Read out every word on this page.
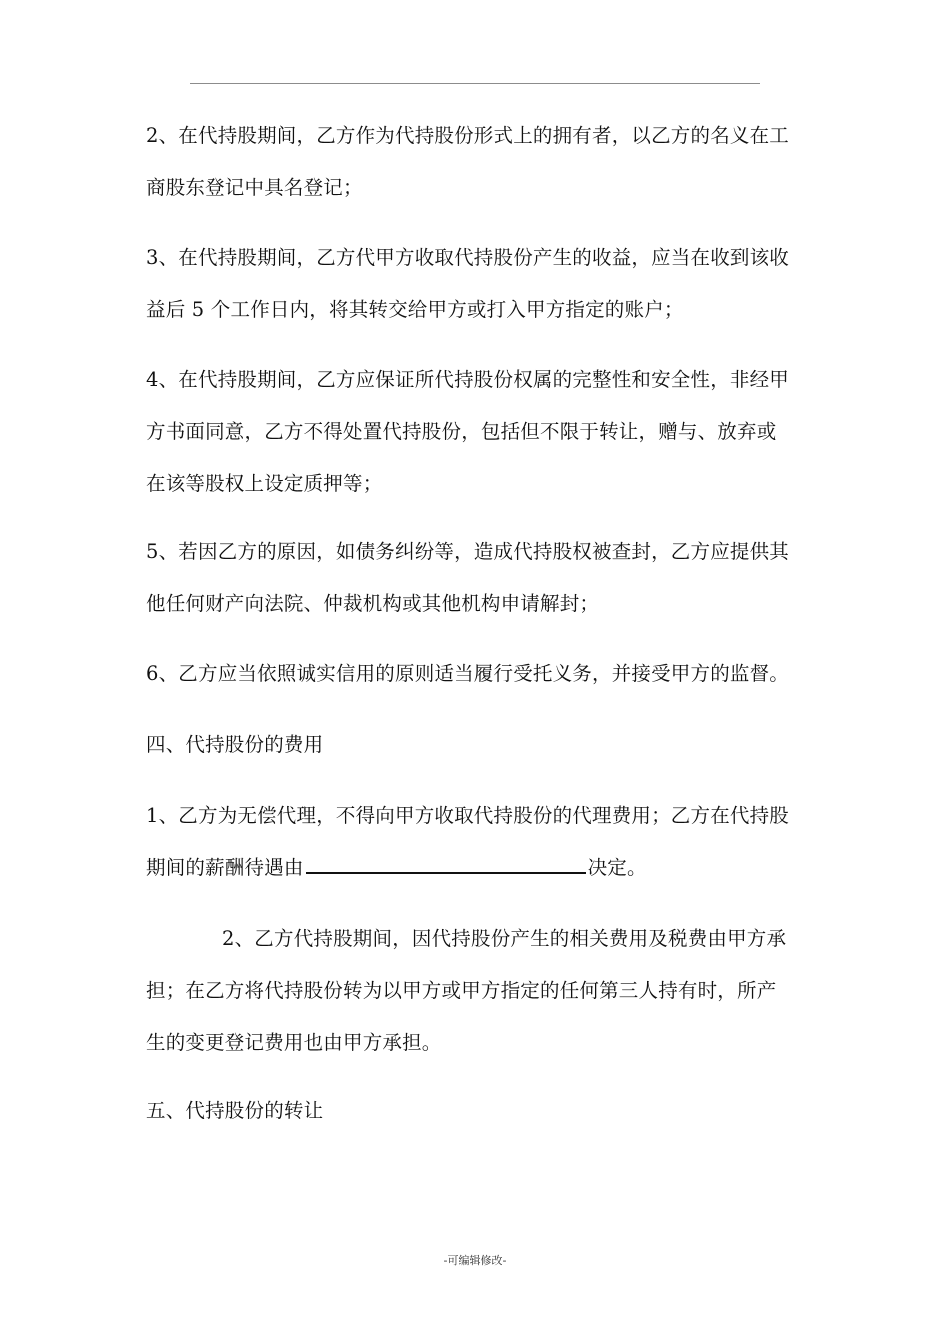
2、在代持股期间，乙方作为代持股份形式上的拥有者，以乙方的名义在工
商股东登记中具名登记；
3、在代持股期间，乙方代甲方收取代持股份产生的收益，应当在收到该收
益后 5 个工作日内，将其转交给甲方或打入甲方指定的账户；
4、在代持股期间，乙方应保证所代持股份权属的完整性和安全性，非经甲
方书面同意，乙方不得处置代持股份，包括但不限于转让，赠与、放弃或
在该等股权上设定质押等；
5、若因乙方的原因，如债务纠纷等，造成代持股权被查封，乙方应提供其
他任何财产向法院、仲裁机构或其他机构申请解封；
6、乙方应当依照诚实信用的原则适当履行受托义务，并接受甲方的监督。
四、代持股份的费用
1、乙方为无偿代理，不得向甲方收取代持股份的代理费用；乙方在代持股
期间的薪酬待遇由	决定。
2、乙方代持股期间，因代持股份产生的相关费用及税费由甲方承
担；在乙方将代持股份转为以甲方或甲方指定的任何第三人持有时，所产
生的变更登记费用也由甲方承担。
五、代持股份的转让
-可编辑修改-
